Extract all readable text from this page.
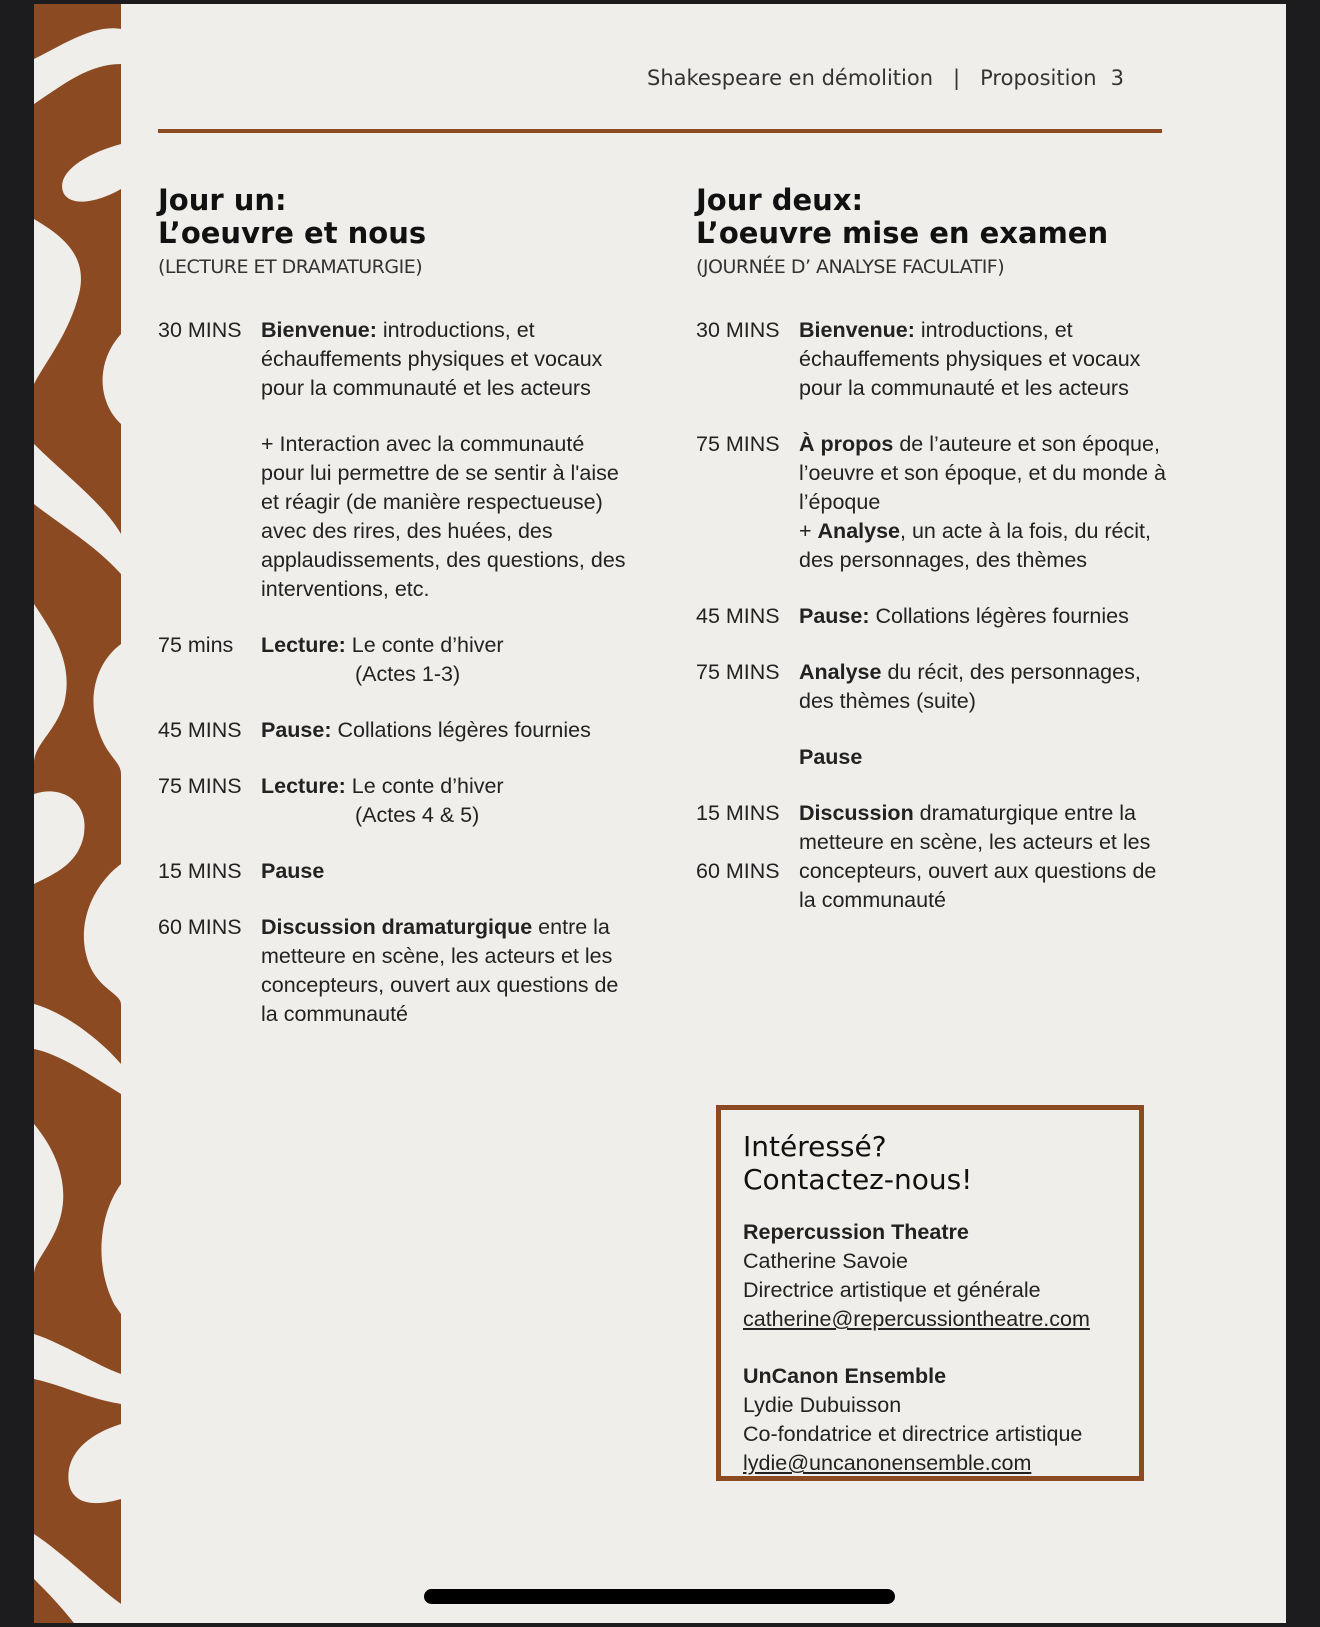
Shakespeare en démolition | Proposition 3
Jour un:
L’oeuvre et nous
(LECTURE ET DRAMATURGIE)
30 MINS Bienvenue: introductions, et échauffements physiques et vocaux pour la communauté et les acteurs
+ Interaction avec la communauté pour lui permettre de se sentir à l'aise et réagir (de manière respectueuse) avec des rires, des huées, des applaudissements, des questions, des interventions, etc.
75 mins	Lecture: Le conte d’hiver
(Actes 1-3)
45 MINS Pause: Collations légères fournies
75 MINS Lecture: Le conte d’hiver
(Actes 4 & 5)
15 MINS Pause
60 MINS Discussion dramaturgique entre la metteure en scène, les acteurs et les concepteurs, ouvert aux questions de la communauté
Jour deux:
L’oeuvre mise en examen
(JOURNÉE D’ ANALYSE FACULATIF)
30 MINS Bienvenue: introductions, et échauffements physiques et vocaux pour la communauté et les acteurs
75 MINS À propos de l’auteure et son époque, l’oeuvre et son époque, et du monde à l’époque
+ Analyse, un acte à la fois, du récit, des personnages, des thèmes
45 MINS Pause: Collations légères fournies
75 MINS Analyse du récit, des personnages, des thèmes (suite)
Pause
15 MINS

60 MINS
Discussion dramaturgique entre la metteure en scène, les acteurs et les concepteurs, ouvert aux questions de la communauté
Intéressé?
Contactez-nous!
Repercussion Theatre
Catherine Savoie
Directrice artistique et générale
catherine@repercussiontheatre.com
UnCanon Ensemble
Lydie Dubuisson
Co-fondatrice et directrice artistique
lydie@uncanonensemble.com
